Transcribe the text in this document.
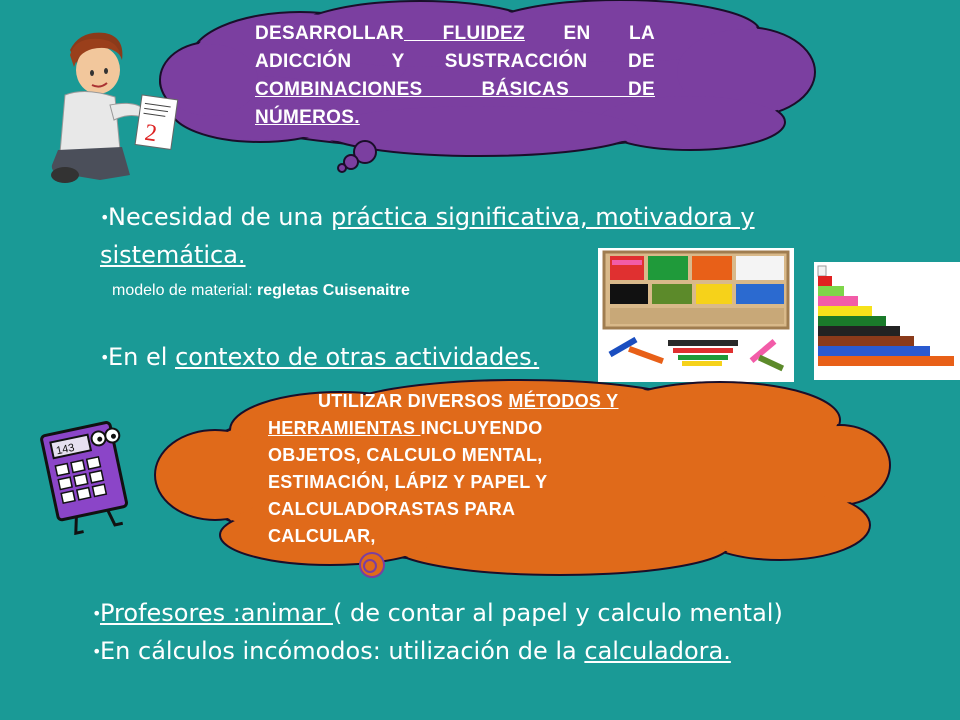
DESARROLLAR FLUIDEZ EN LA
ADICCIÓN Y SUSTRACCIÓN DE
COMBINACIONES BÁSICAS DE
NÚMEROS.
2
•
Necesidad de una práctica significativa, motivadora y
sistemática.
modelo de material: regletas Cuisenaitre
•
En el contexto de otras actividades.
UTILIZAR DIVERSOS MÉTODOS Y
HERRAMIENTAS INCLUYENDO
OBJETOS, CALCULO MENTAL,
ESTIMACIÓN, LÁPIZ Y PAPEL Y
CALCULADORASTAS PARA
CALCULAR,
143
•
Profesores :animar ( de contar al papel y calculo mental)
•
En cálculos incómodos: utilización de la calculadora.
